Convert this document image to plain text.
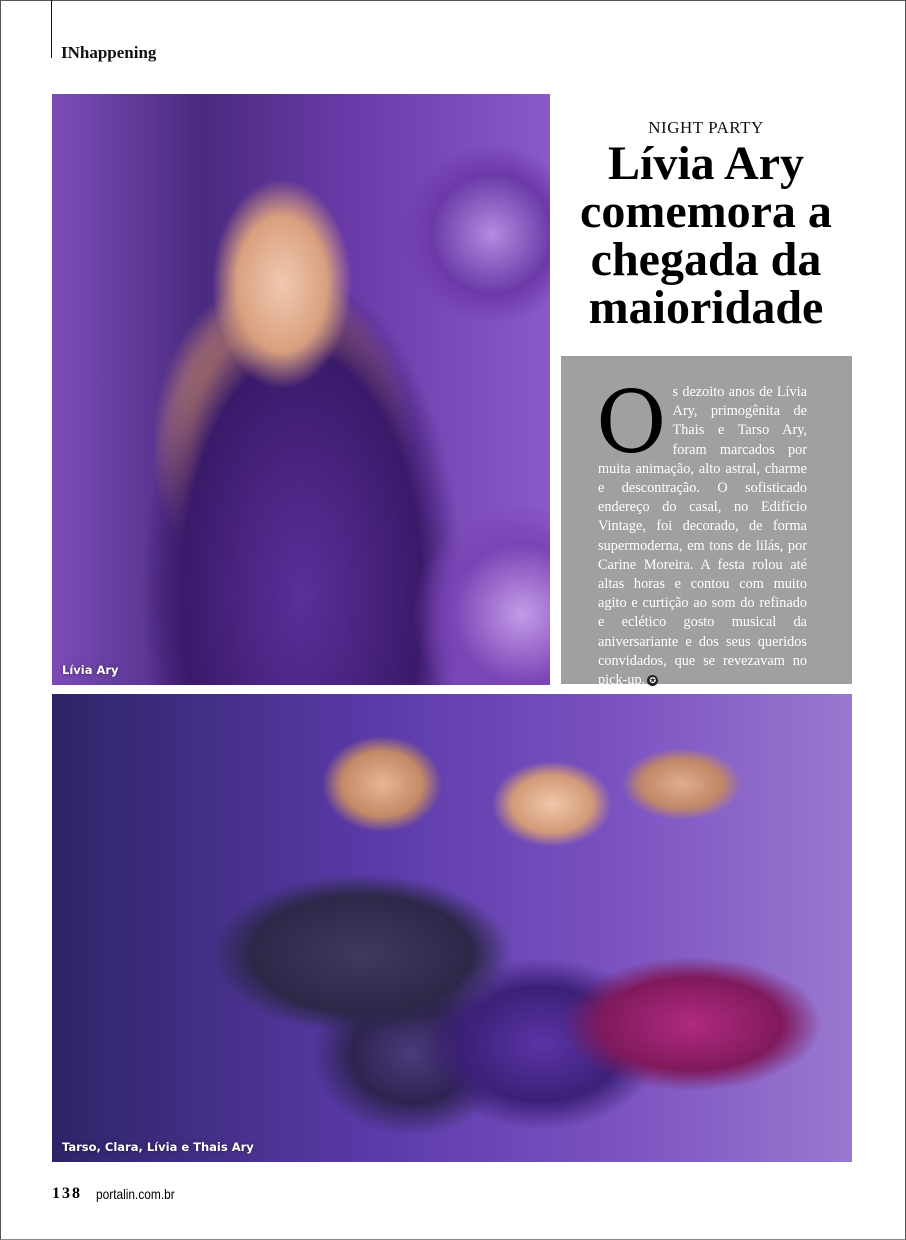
INhappening
Lívia Ary
NIGHT PARTY
Lívia Ary comemora a chegada da maioridade
Os dezoito anos de Lívia Ary, primogênita de Thais e Tarso Ary, foram marcados por muita animação, alto astral, charme e descontração. O sofisticado endereço do casal, no Edifício Vintage, foi decorado, de forma supermoderna, em tons de lilás, por Carine Moreira. A festa rolou até altas horas e contou com muito agito e curtição ao som do refinado e eclético gosto musical da aniversariante e dos seus queridos convidados, que se revezavam no pick-up. ✪
Tarso, Clara, Lívia e Thais Ary
138 portalin.com.br
